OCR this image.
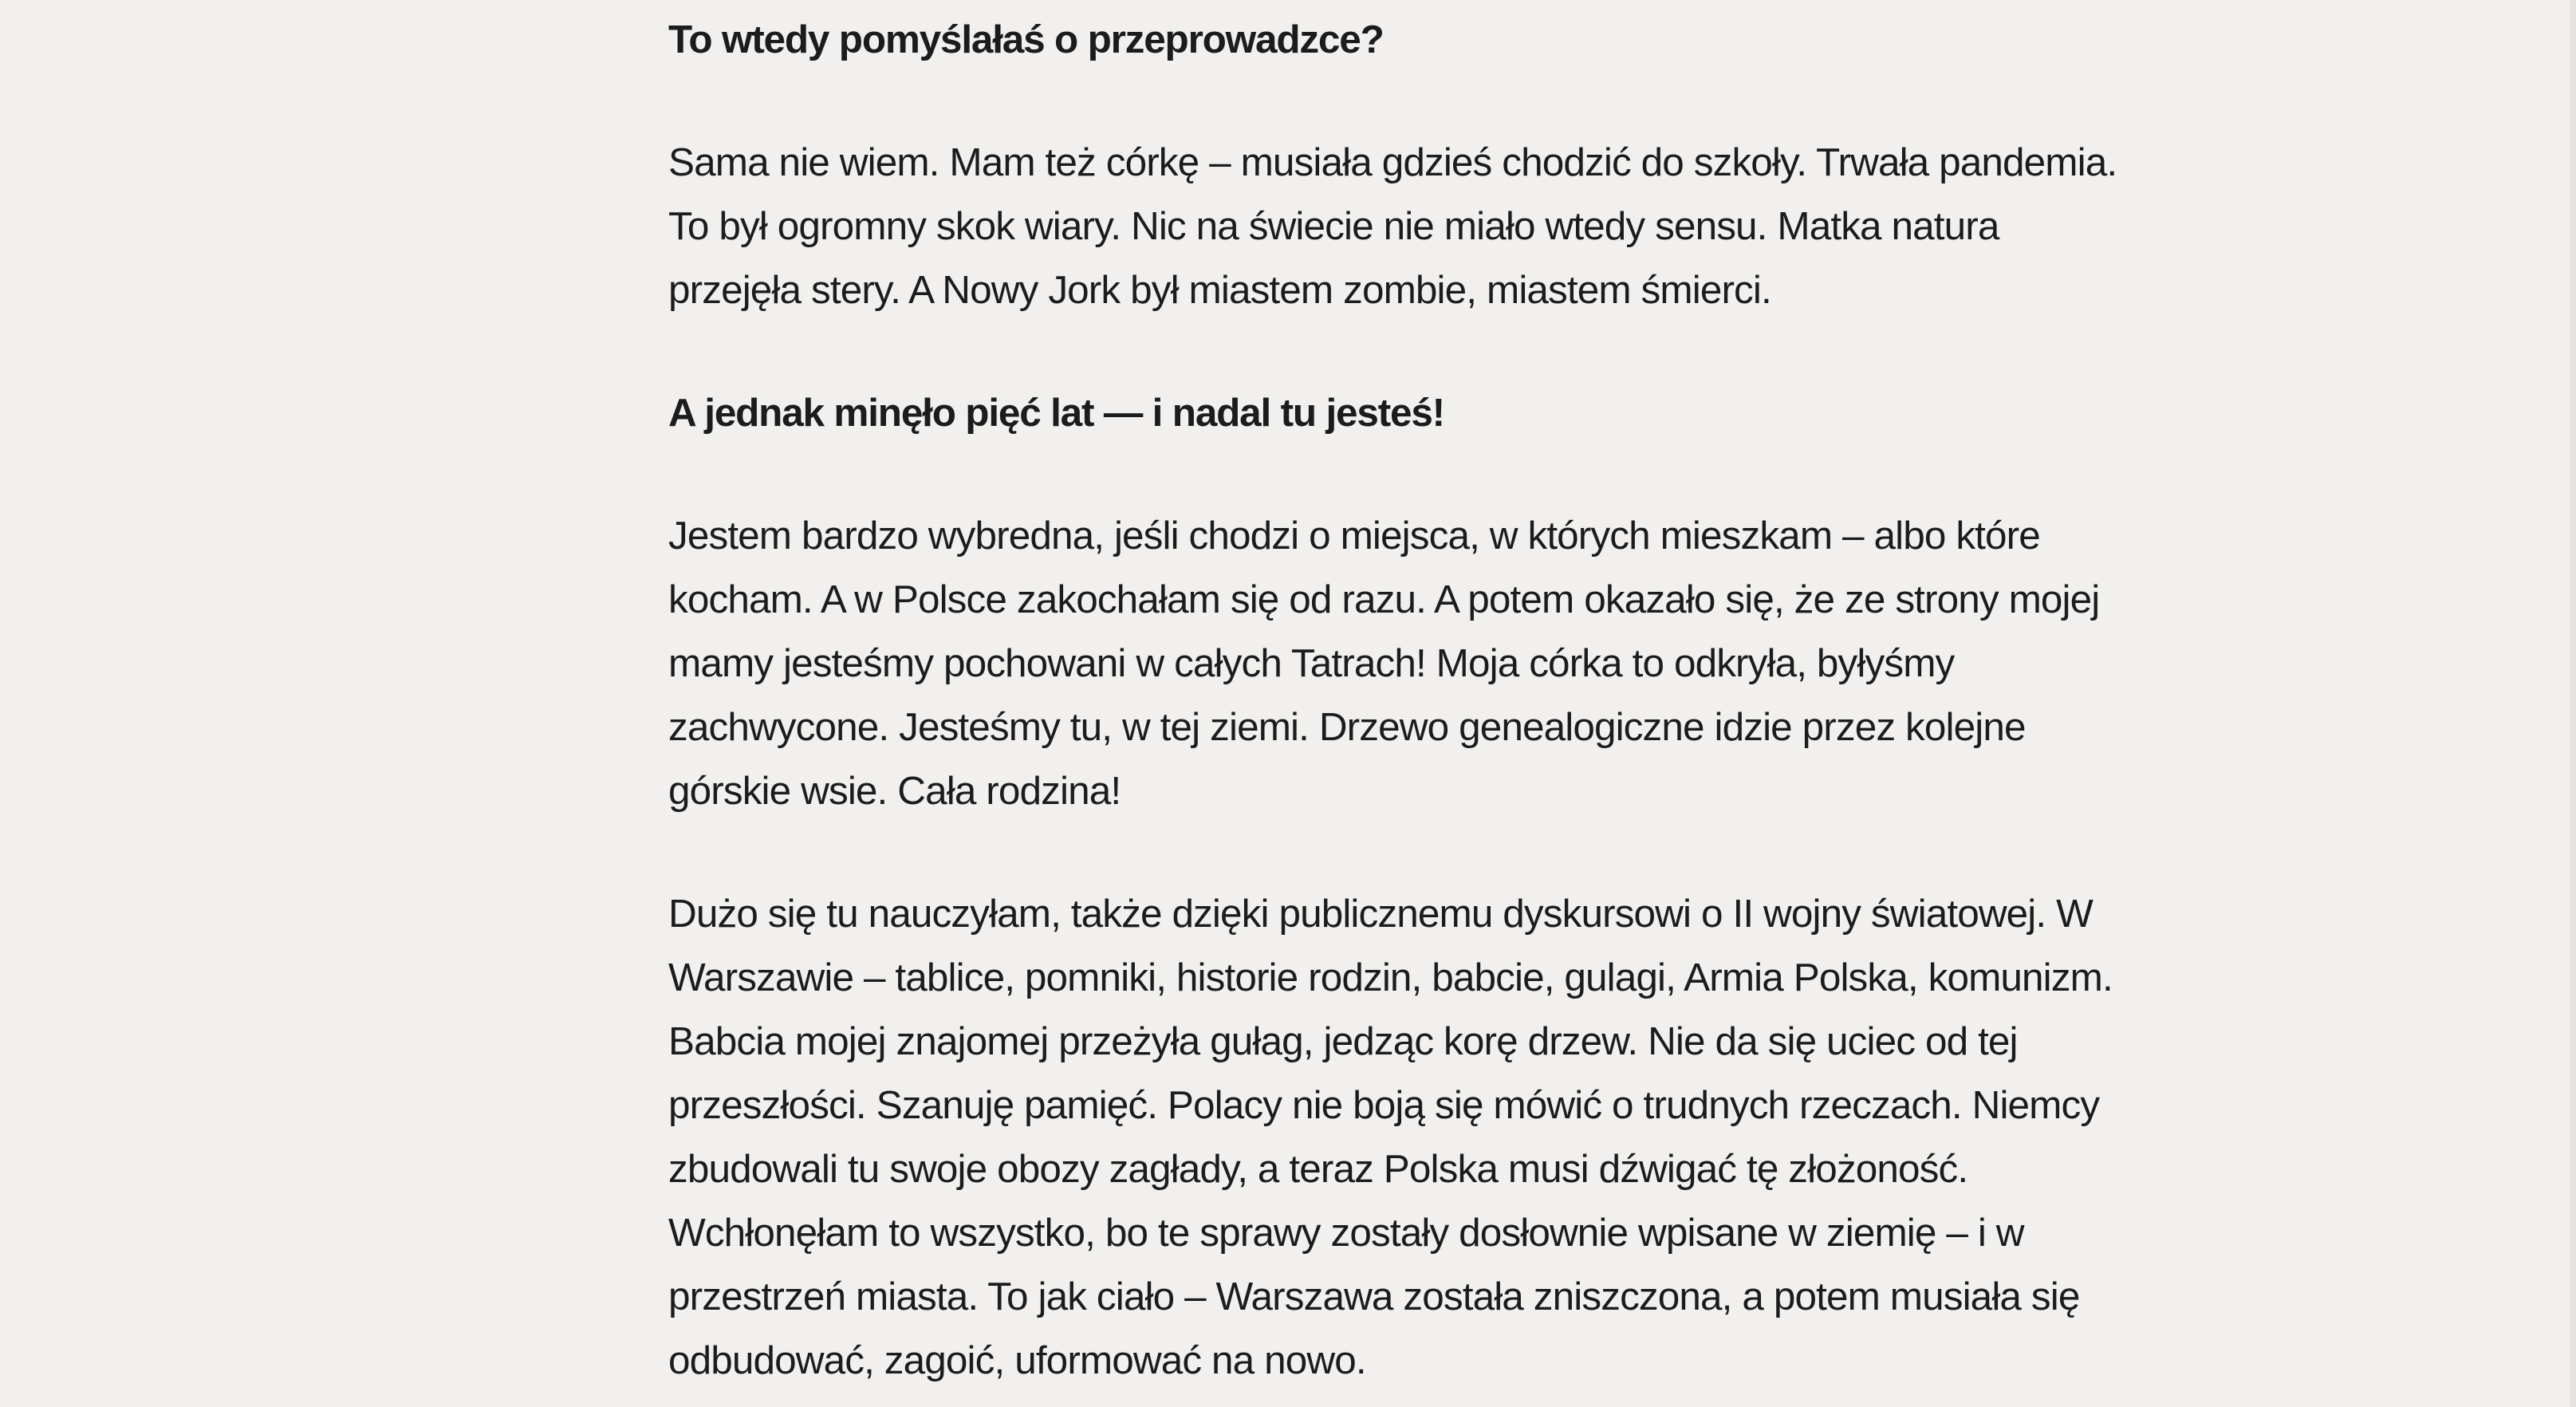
To wtedy pomyślałaś o przeprowadzce?

Sama nie wiem. Mam też córkę – musiała gdzieś chodzić do szkoły. Trwała pandemia. To był ogromny skok wiary. Nic na świecie nie miało wtedy sensu. Matka natura przejęła stery. A Nowy Jork był miastem zombie, miastem śmierci.

A jednak minęło pięć lat — i nadal tu jesteś!

Jestem bardzo wybredna, jeśli chodzi o miejsca, w których mieszkam – albo które kocham. A w Polsce zakochałam się od razu. A potem okazało się, że ze strony mojej mamy jesteśmy pochowani w całych Tatrach! Moja córka to odkryła, byłyśmy zachwycone. Jesteśmy tu, w tej ziemi. Drzewo genealogiczne idzie przez kolejne górskie wsie. Cała rodzina!

Dużo się tu nauczyłam, także dzięki publicznemu dyskursowi o II wojny światowej. W Warszawie – tablice, pomniki, historie rodzin, babcie, gulagi, Armia Polska, komunizm. Babcia mojej znajomej przeżyła gułag, jedząc korę drzew. Nie da się uciec od tej przeszłości. Szanuję pamięć. Polacy nie boją się mówić o trudnych rzeczach. Niemcy zbudowali tu swoje obozy zagłady, a teraz Polska musi dźwigać tę złożoność. Wchłonęłam to wszystko, bo te sprawy zostały dosłownie wpisane w ziemię – i w przestrzeń miasta. To jak ciało – Warszawa została zniszczona, a potem musiała się odbudować, zagoić, uformować na nowo.
